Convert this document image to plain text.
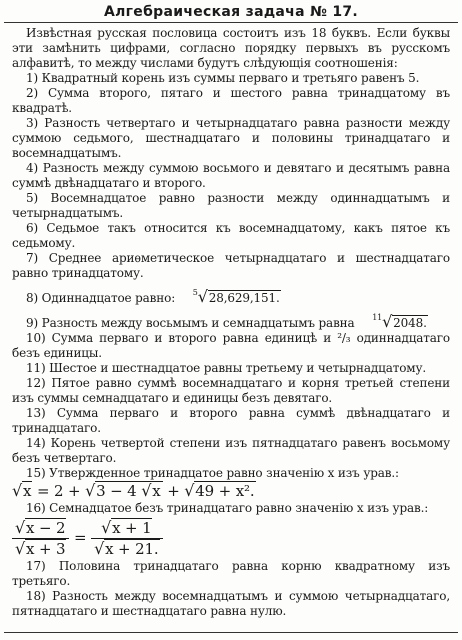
Алгебраическая задача № 17.

Извѣстная русская пословица состоитъ изъ 18 буквъ. Если буквы эти замѣнить цифрами, согласно порядку первыхъ въ русскомъ алфавитѣ, то между числами будутъ слѣдующія соотношенія:

1) Квадратный корень изъ суммы перваго и третьяго равенъ 5.

2) Сумма второго, пятаго и шестого равна тринадцатому въ квадратѣ.

3) Разность четвертаго и четырнадцатаго равна разности между суммою седьмого, шестнадцатаго и половины тринадцатаго и восемнадцатымъ.

4) Разность между суммою восьмого и девятаго и десятымъ равна суммѣ двѣнадцатаго и второго.

5) Восемнадцатое равно разности между одиннадцатымъ и четырнадцатымъ.

6) Седьмое такъ относится къ восемнадцатому, какъ пятое къ седьмому.

7) Среднее ариѳметическое четырнадцатаго и шестнадцатаго равно тринадцатому.

8) Одиннадцатое равно: $^5$√28,629,151.

9) Разность между восьмымъ и семнадцатымъ равна $^{11}$√2048.

10) Сумма перваго и второго равна единицѣ и ²/₃ одиннадцатаго безъ единицы.

11) Шестое и шестнадцатое равны третьему и четырнадцатому.

12) Пятое равно суммѣ восемнадцатаго и корня третьей степени изъ суммы семнадцатаго и единицы безъ девятаго.

13) Сумма перваго и второго равна суммѣ двѣнадцатаго и тринадцатаго.

14) Корень четвертой степени изъ пятнадцатаго равенъ восьмому безъ четвертаго.

15) Утвержденное тринадцатое равно значенію x изъ урав.:

√x = 2 + √3 − 4 √x + √49 + x².

16) Семнадцатое безъ тринадцатаго равно значенію x изъ урав.:

$\frac{√x - 2}{√x + 3} = \frac{√x + 1}{√x + 21.}$

17) Половина тринадцатаго равна корню квадратному изъ третьяго.

18) Разность между восемнадцатымъ и суммою четырнадцатаго, пятнадцатаго и шестнадцатаго равна нулю.
